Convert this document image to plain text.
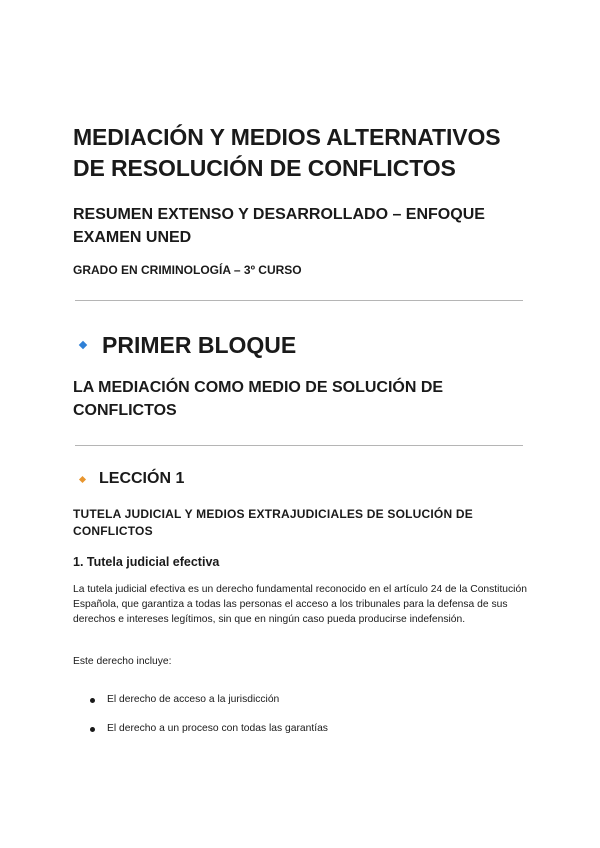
MEDIACIÓN Y MEDIOS ALTERNATIVOS DE RESOLUCIÓN DE CONFLICTOS
RESUMEN EXTENSO Y DESARROLLADO – ENFOQUE EXAMEN UNED
GRADO EN CRIMINOLOGÍA – 3º CURSO
PRIMER BLOQUE
LA MEDIACIÓN COMO MEDIO DE SOLUCIÓN DE CONFLICTOS
LECCIÓN 1
TUTELA JUDICIAL Y MEDIOS EXTRAJUDICIALES DE SOLUCIÓN DE CONFLICTOS
1. Tutela judicial efectiva

La tutela judicial efectiva es un derecho fundamental reconocido en el artículo 24 de la Constitución Española, que garantiza a todas las personas el acceso a los tribunales para la defensa de sus derechos e intereses legítimos, sin que en ningún caso pueda producirse indefensión.

Este derecho incluye:

El derecho de acceso a la jurisdicción
El derecho a un proceso con todas las garantías
